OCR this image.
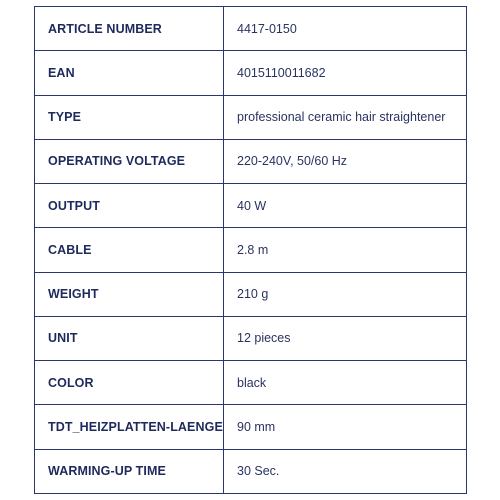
ARTICLE NUMBER	4417-0150
EAN	4015110011682
TYPE	professional ceramic hair straightener
OPERATING VOLTAGE	220-240V, 50/60 Hz
OUTPUT	40 W
CABLE	2.8 m
WEIGHT	210 g
UNIT	12 pieces
COLOR	black
TDT_HEIZPLATTEN-LAENGE	90 mm
WARMING-UP TIME	30 Sec.
